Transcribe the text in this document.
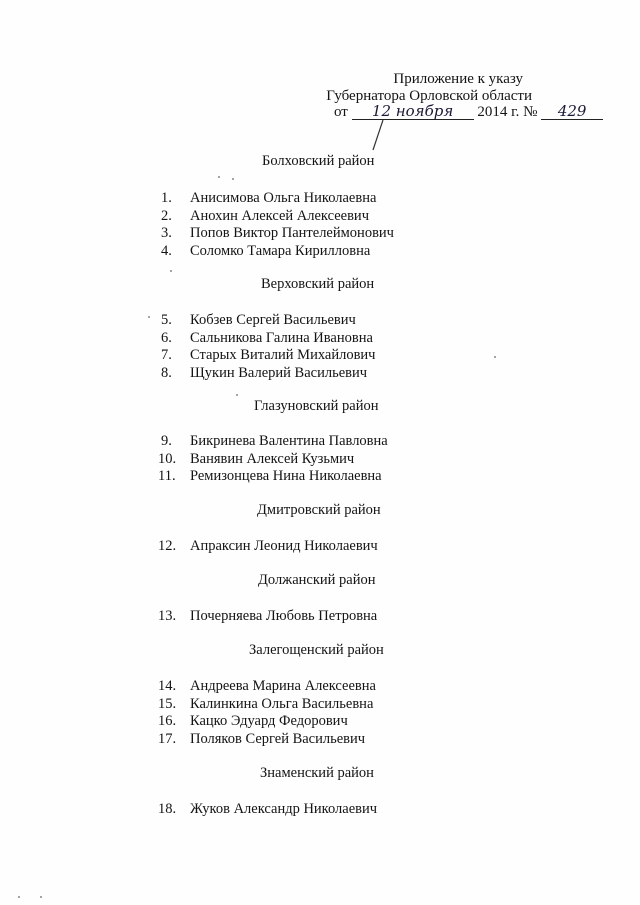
Приложение к указу
Губернатора Орловской области
от 12 ноября 2014 г. № 429
Болховский район
1.	Анисимова Ольга Николаевна
2.	Анохин Алексей Алексеевич
3.	Попов Виктор Пантелеймонович
4.	Соломко Тамара Кирилловна
Верховский район
5.	Кобзев Сергей Васильевич
6.	Сальникова Галина Ивановна
7.	Старых Виталий Михайлович
8.	Щукин Валерий Васильевич
Глазуновский район
9.	Бикринева Валентина Павловна
10. Ванявин Алексей Кузьмич
11. Ремизонцева Нина Николаевна
Дмитровский район
12. Апраксин Леонид Николаевич
Должанский район
13. Почерняева Любовь Петровна
Залегощенский район
14. Андреева Марина Алексеевна
15. Калинкина Ольга Васильевна
16. Кацко Эдуард Федорович
17. Поляков Сергей Васильевич
Знаменский район
18. Жуков Александр Николаевич
